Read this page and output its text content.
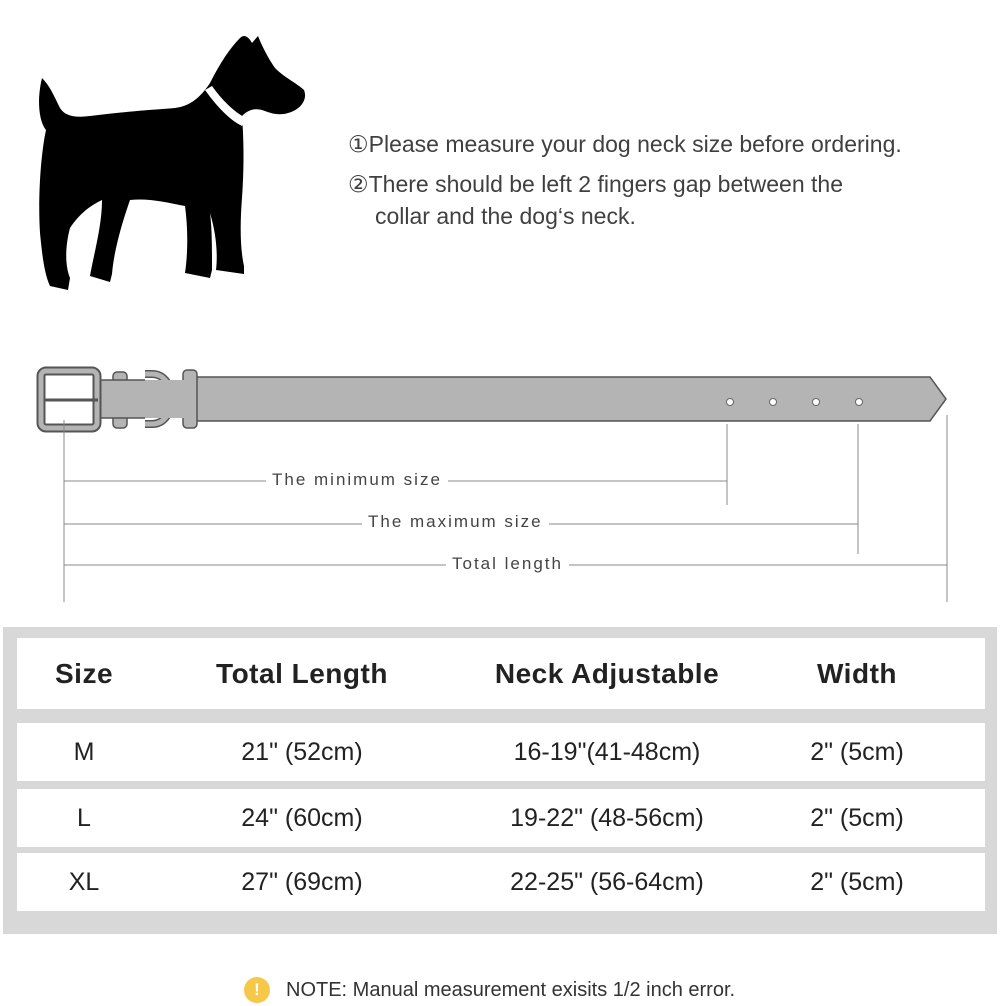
①Please measure your dog neck size before ordering.
②There should be left 2 fingers gap between the
collar and the dog‘s neck.
The minimum size
The maximum size
Total length
Size	Total Length	Neck Adjustable	Width
M	21" (52cm)	16-19"(41-48cm)	2" (5cm)
L	24" (60cm)	19-22" (48-56cm)	2" (5cm)
XL	27" (69cm)	22-25" (56-64cm)	2" (5cm)
!	NOTE: Manual measurement exisits 1/2 inch error.
